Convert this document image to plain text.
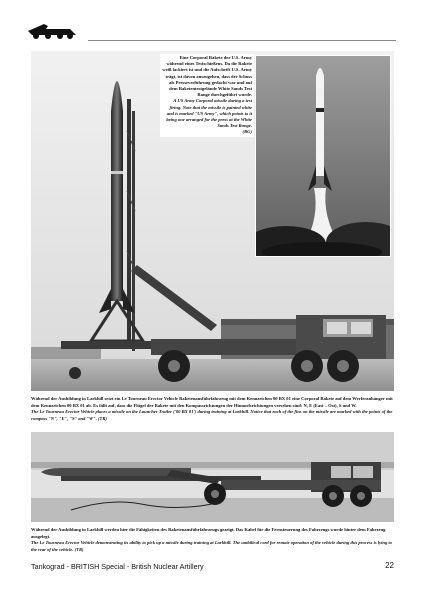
Eine Corporal Rakete der U.S. Army während eines Testschießens. Da die Rakete weiß lackiert ist und die Aufschrift U.S. Army trägt, ist davon auszugehen, dass der Schuss als Presseverführung gedacht war und auf dem Raketentestgelände White Sands Test Range durchgeführt wurde.
A US Army Corporal missile during a test firing. Note that the missile is painted white and is marked "US Army", which points to it being one arranged for the press at the White Sands Test Range.
(RG)
Während der Ausbildung in Larkhill setzt ein Le Tourneau Erector Vehicle Raketenausführfahrzeug mit dem Kennzeichen 00 BX 01 eine Corporal Rakete auf dem Werferanhänger mit dem Kennzeichen 00 BX 01 ab. Es fällt auf, dass die Flügel der Rakete mit den Kompassrichtungen der Himmelsrichtungen versehen sind: N, E (East – Ost), S und W.
The Le Tourneau Erector Vehicle places a missile on the Launcher Trailer ('00 BX 01') during training at Larkhill. Notice that each of the fins on the missile are marked with the points of the compass "N", "E", "S" and "W". (TR)
Während der Ausbildung in Larkhill werden hier die Fähigkeiten des Raketenausführfahrzeugs gezeigt. Das Kabel für die Fernsteuerung des Fahrzeugs wurde hinter dem Fahrzeug ausgelegt.
The Le Tourneau Erector Vehicle demonstrating its ability to pick up a missile during training at Larkhill. The umbilical cord for remote operation of the vehicle during this process is lying to the rear of the vehicle. (TR)
Tankograd - BRITISH Special - British Nuclear Artillery	22
